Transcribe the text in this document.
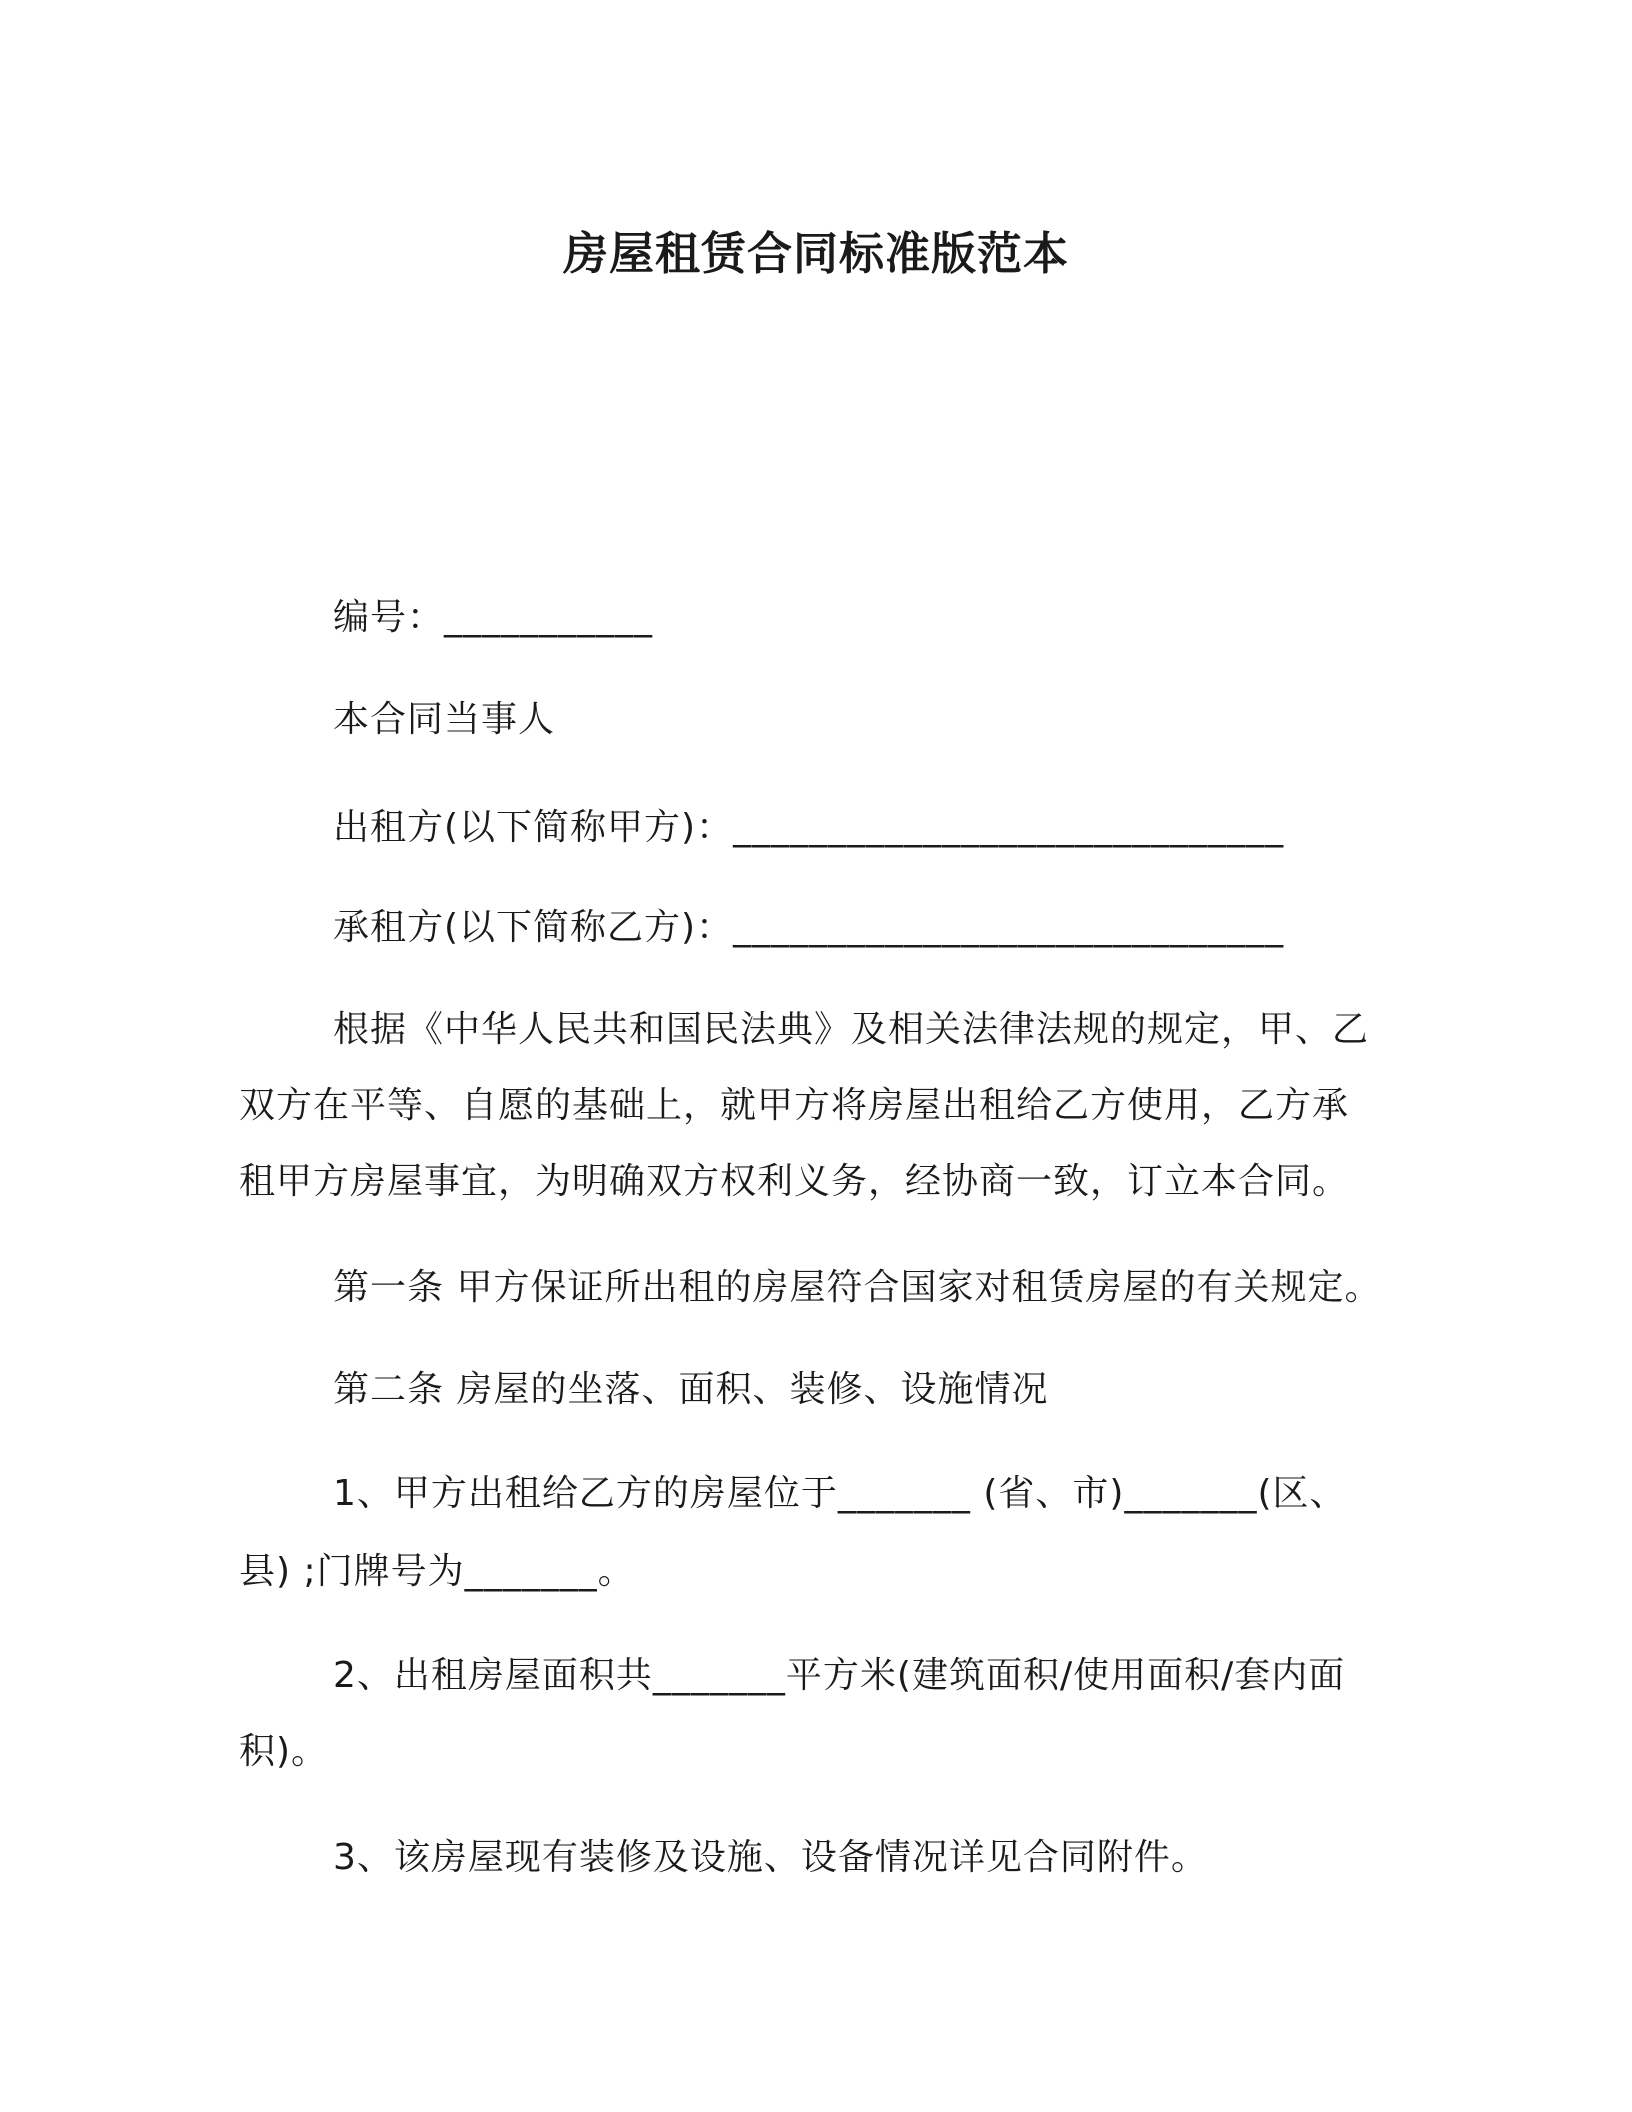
房屋租赁合同标准版范本
编号：___________
本合同当事人
出租方(以下简称甲方)：_____________________________
承租方(以下简称乙方)：_____________________________
根据《中华人民共和国民法典》及相关法律法规的规定，甲、乙
双方在平等、自愿的基础上，就甲方将房屋出租给乙方使用，乙方承
租甲方房屋事宜，为明确双方权利义务，经协商一致，订立本合同。
第一条 甲方保证所出租的房屋符合国家对租赁房屋的有关规定。
第二条 房屋的坐落、面积、装修、设施情况
1、甲方出租给乙方的房屋位于_______ (省、市)_______(区、
县) ;门牌号为_______。
2、出租房屋面积共_______平方米(建筑面积/使用面积/套内面
积)。
3、该房屋现有装修及设施、设备情况详见合同附件。
